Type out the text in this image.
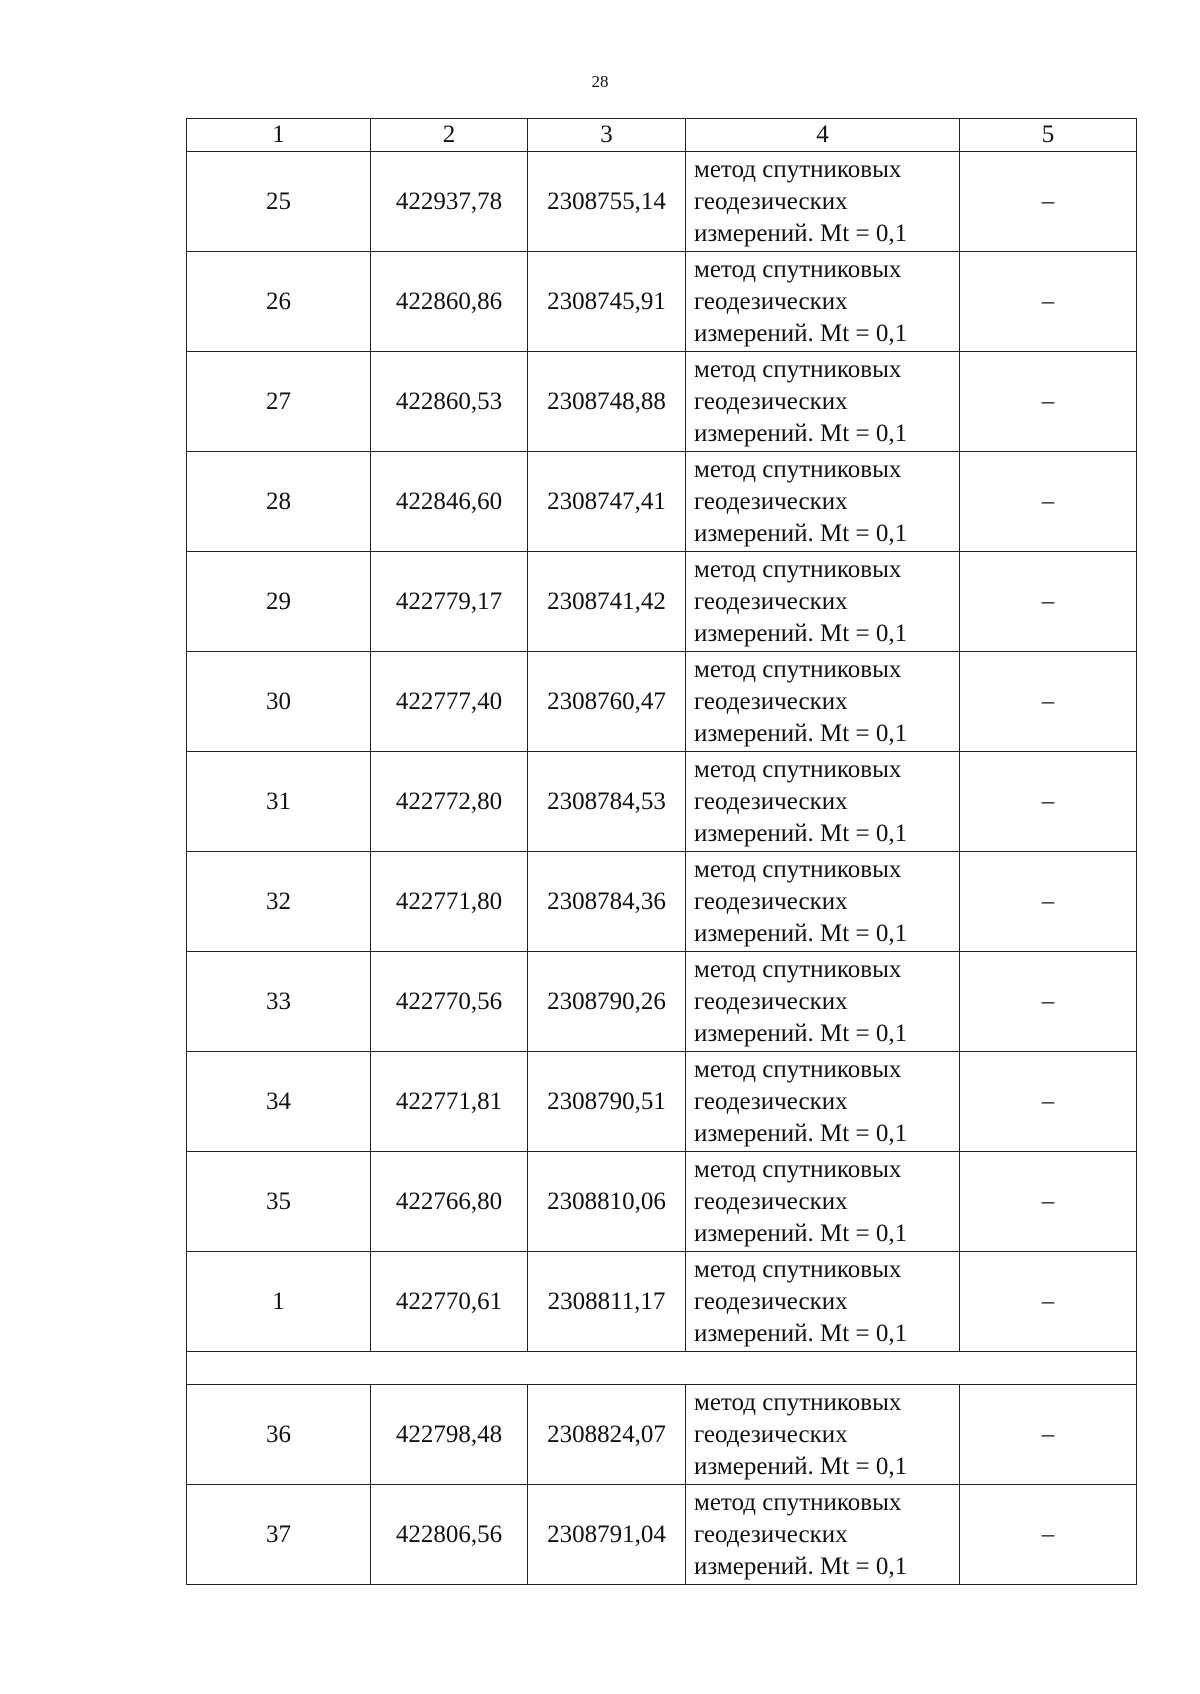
28
1	2	3	4	5
25	422937,78	2308755,14	метод спутниковых
геодезических
измерений. Mt = 0,1	–
26	422860,86	2308745,91	метод спутниковых
геодезических
измерений. Mt = 0,1	–
27	422860,53	2308748,88	метод спутниковых
геодезических
измерений. Mt = 0,1	–
28	422846,60	2308747,41	метод спутниковых
геодезических
измерений. Mt = 0,1	–
29	422779,17	2308741,42	метод спутниковых
геодезических
измерений. Mt = 0,1	–
30	422777,40	2308760,47	метод спутниковых
геодезических
измерений. Mt = 0,1	–
31	422772,80	2308784,53	метод спутниковых
геодезических
измерений. Mt = 0,1	–
32	422771,80	2308784,36	метод спутниковых
геодезических
измерений. Mt = 0,1	–
33	422770,56	2308790,26	метод спутниковых
геодезических
измерений. Mt = 0,1	–
34	422771,81	2308790,51	метод спутниковых
геодезических
измерений. Mt = 0,1	–
35	422766,80	2308810,06	метод спутниковых
геодезических
измерений. Mt = 0,1	–
1	422770,61	2308811,17	метод спутниковых
геодезических
измерений. Mt = 0,1	–

36	422798,48	2308824,07	метод спутниковых
геодезических
измерений. Mt = 0,1	–
37	422806,56	2308791,04	метод спутниковых
геодезических
измерений. Mt = 0,1	–
